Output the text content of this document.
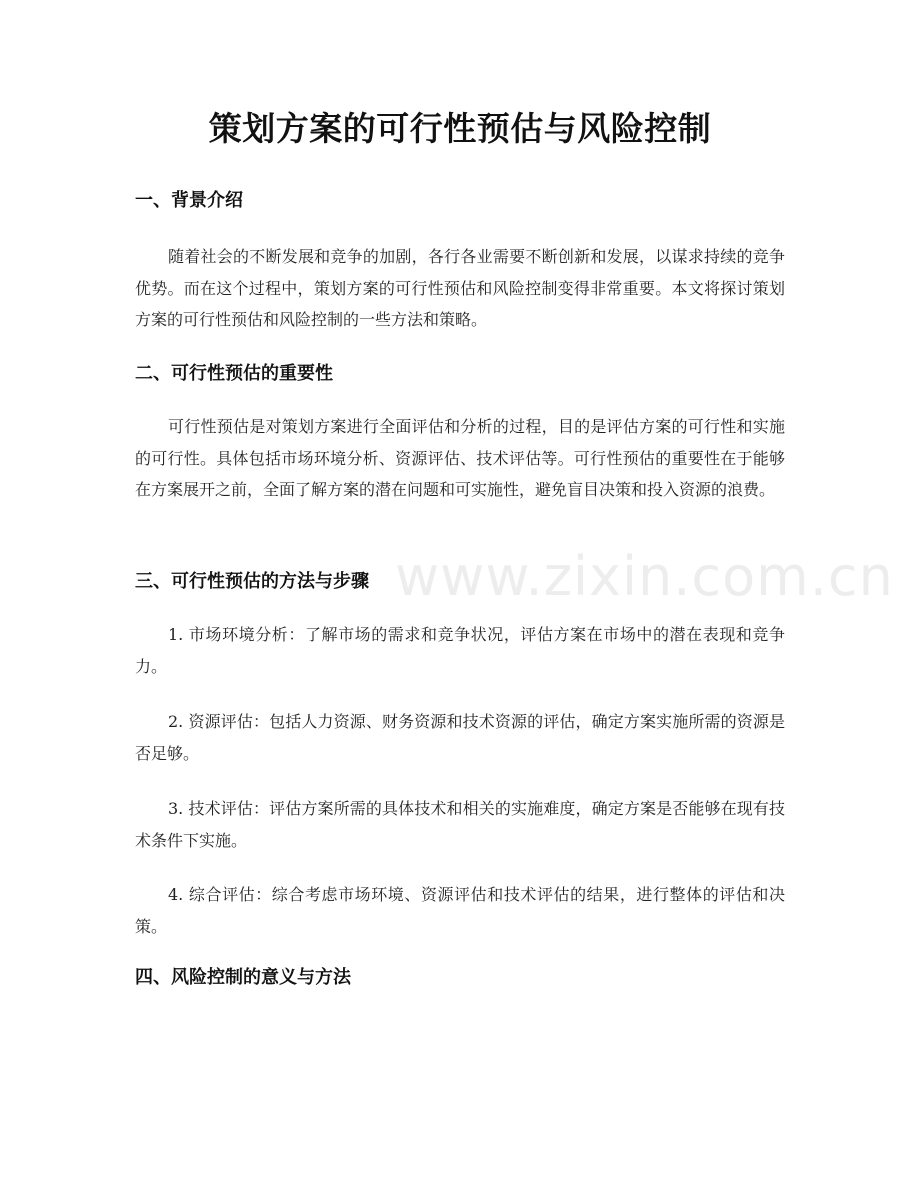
策划方案的可行性预估与风险控制
一、背景介绍

随着社会的不断发展和竞争的加剧，各行各业需要不断创新和发展，以谋求持续的竞争优势。而在这个过程中，策划方案的可行性预估和风险控制变得非常重要。本文将探讨策划方案的可行性预估和风险控制的一些方法和策略。

二、可行性预估的重要性

可行性预估是对策划方案进行全面评估和分析的过程，目的是评估方案的可行性和实施的可行性。具体包括市场环境分析、资源评估、技术评估等。可行性预估的重要性在于能够在方案展开之前，全面了解方案的潜在问题和可实施性，避免盲目决策和投入资源的浪费。

三、可行性预估的方法与步骤

1. 市场环境分析：了解市场的需求和竞争状况，评估方案在市场中的潜在表现和竞争力。

2. 资源评估：包括人力资源、财务资源和技术资源的评估，确定方案实施所需的资源是否足够。

3. 技术评估：评估方案所需的具体技术和相关的实施难度，确定方案是否能够在现有技术条件下实施。

4. 综合评估：综合考虑市场环境、资源评估和技术评估的结果，进行整体的评估和决策。

四、风险控制的意义与方法
www.zixin.com.cn
